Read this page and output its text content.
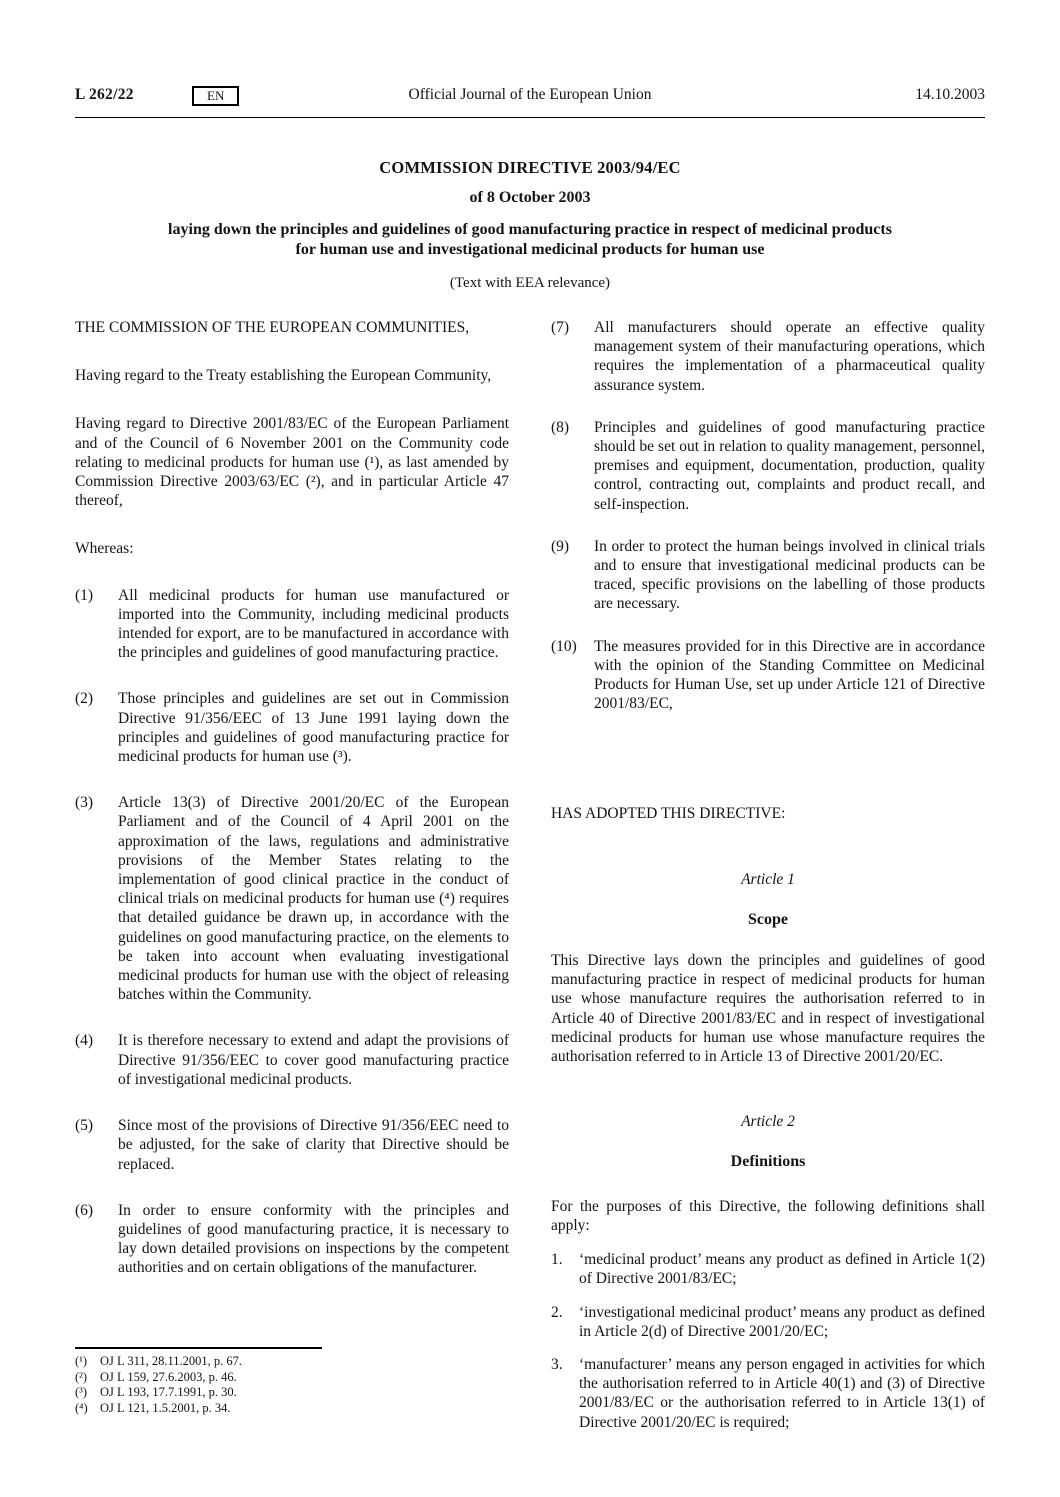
L 262/22	EN	Official Journal of the European Union	14.10.2003
COMMISSION DIRECTIVE 2003/94/EC
of 8 October 2003
laying down the principles and guidelines of good manufacturing practice in respect of medicinal products for human use and investigational medicinal products for human use
(Text with EEA relevance)

THE COMMISSION OF THE EUROPEAN COMMUNITIES,

Having regard to the Treaty establishing the European Community,

Having regard to Directive 2001/83/EC of the European Parliament and of the Council of 6 November 2001 on the Community code relating to medicinal products for human use (¹), as last amended by Commission Directive 2003/63/EC (²), and in particular Article 47 thereof,

Whereas:

(1)	All medicinal products for human use manufactured or imported into the Community, including medicinal products intended for export, are to be manufactured in accordance with the principles and guidelines of good manufacturing practice.
(2)	Those principles and guidelines are set out in Commission Directive 91/356/EEC of 13 June 1991 laying down the principles and guidelines of good manufacturing practice for medicinal products for human use (³).
(3)	Article 13(3) of Directive 2001/20/EC of the European Parliament and of the Council of 4 April 2001 on the approximation of the laws, regulations and administrative provisions of the Member States relating to the implementation of good clinical practice in the conduct of clinical trials on medicinal products for human use (⁴) requires that detailed guidance be drawn up, in accordance with the guidelines on good manufacturing practice, on the elements to be taken into account when evaluating investigational medicinal products for human use with the object of releasing batches within the Community.
(4)	It is therefore necessary to extend and adapt the provisions of Directive 91/356/EEC to cover good manufacturing practice of investigational medicinal products.
(5)	Since most of the provisions of Directive 91/356/EEC need to be adjusted, for the sake of clarity that Directive should be replaced.
(6)	In order to ensure conformity with the principles and guidelines of good manufacturing practice, it is necessary to lay down detailed provisions on inspections by the competent authorities and on certain obligations of the manufacturer.
(¹)	OJ L 311, 28.11.2001, p. 67.
(²)	OJ L 159, 27.6.2003, p. 46.
(³)	OJ L 193, 17.7.1991, p. 30.
(⁴) OJ L 121, 1.5.2001, p. 34.
(7)	All manufacturers should operate an effective quality management system of their manufacturing operations, which requires the implementation of a pharmaceutical quality assurance system.
(8)	Principles and guidelines of good manufacturing practice should be set out in relation to quality management, personnel, premises and equipment, documentation, production, quality control, contracting out, complaints and product recall, and self-inspection.
(9)	In order to protect the human beings involved in clinical trials and to ensure that investigational medicinal products can be traced, specific provisions on the labelling of those products are necessary.
(10)	The measures provided for in this Directive are in accordance with the opinion of the Standing Committee on Medicinal Products for Human Use, set up under Article 121 of Directive 2001/83/EC,

HAS ADOPTED THIS DIRECTIVE:

Article 1
Scope

This Directive lays down the principles and guidelines of good manufacturing practice in respect of medicinal products for human use whose manufacture requires the authorisation referred to in Article 40 of Directive 2001/83/EC and in respect of investigational medicinal products for human use whose manufacture requires the authorisation referred to in Article 13 of Directive 2001/20/EC.

Article 2
Definitions

For the purposes of this Directive, the following definitions shall apply:

1.	‘medicinal product’ means any product as defined in Article 1(2) of Directive 2001/83/EC;
2.	‘investigational medicinal product’ means any product as defined in Article 2(d) of Directive 2001/20/EC;
3.	‘manufacturer’ means any person engaged in activities for which the authorisation referred to in Article 40(1) and (3) of Directive 2001/83/EC or the authorisation referred to in Article 13(1) of Directive 2001/20/EC is required;
